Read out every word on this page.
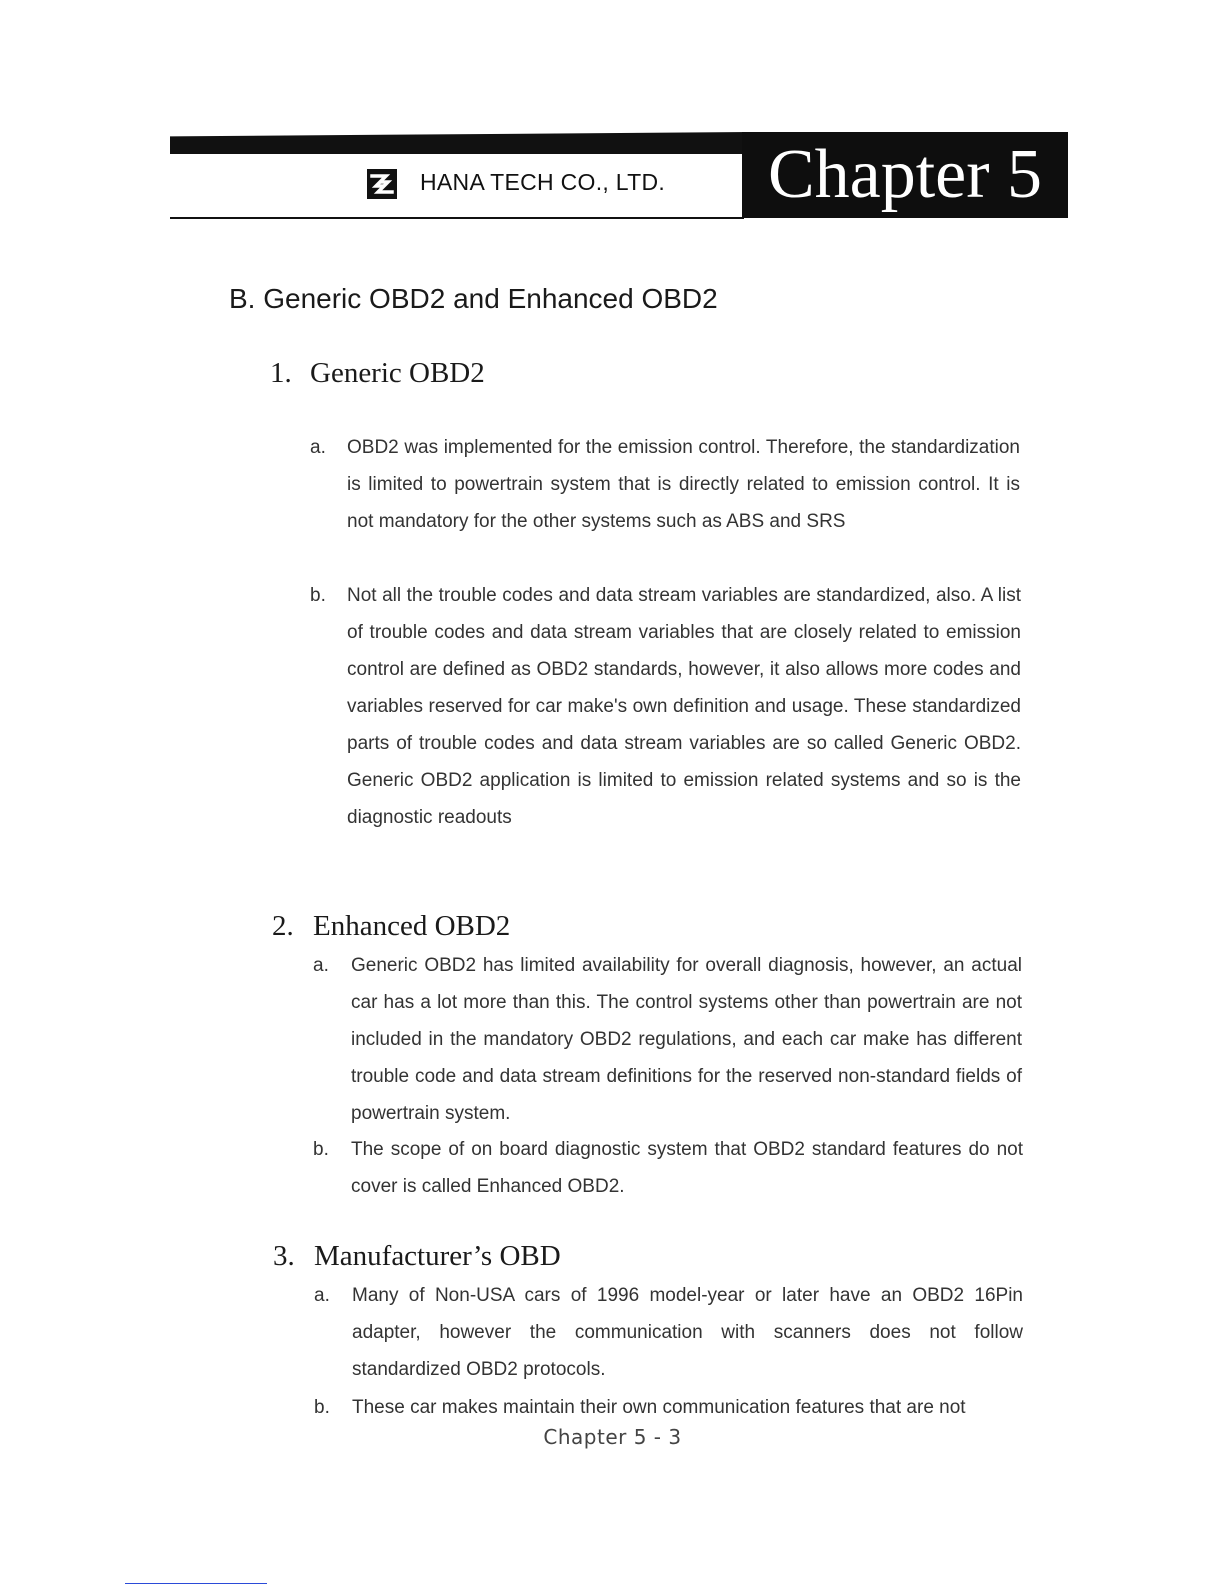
HANA TECH CO., LTD.	Chapter 5
B. Generic OBD2 and Enhanced OBD2
1. Generic OBD2
a. OBD2 was implemented for the emission control. Therefore, the standardization is limited to powertrain system that is directly related to emission control. It is not mandatory for the other systems such as ABS and SRS
b. Not all the trouble codes and data stream variables are standardized, also. A list of trouble codes and data stream variables that are closely related to emission control are defined as OBD2 standards, however, it also allows more codes and variables reserved for car make's own definition and usage. These standardized parts of trouble codes and data stream variables are so called Generic OBD2. Generic OBD2 application is limited to emission related systems and so is the diagnostic readouts
2. Enhanced OBD2
a. Generic OBD2 has limited availability for overall diagnosis, however, an actual car has a lot more than this. The control systems other than powertrain are not included in the mandatory OBD2 regulations, and each car make has different trouble code and data stream definitions for the reserved non-standard fields of powertrain system.
b. The scope of on board diagnostic system that OBD2 standard features do not cover is called Enhanced OBD2.
3. Manufacturer’s OBD
a. Many of Non-USA cars of 1996 model-year or later have an OBD2 16Pin adapter, however the communication with scanners does not follow standardized OBD2 protocols.
b. These car makes maintain their own communication features that are not
Chapter 5 - 3
